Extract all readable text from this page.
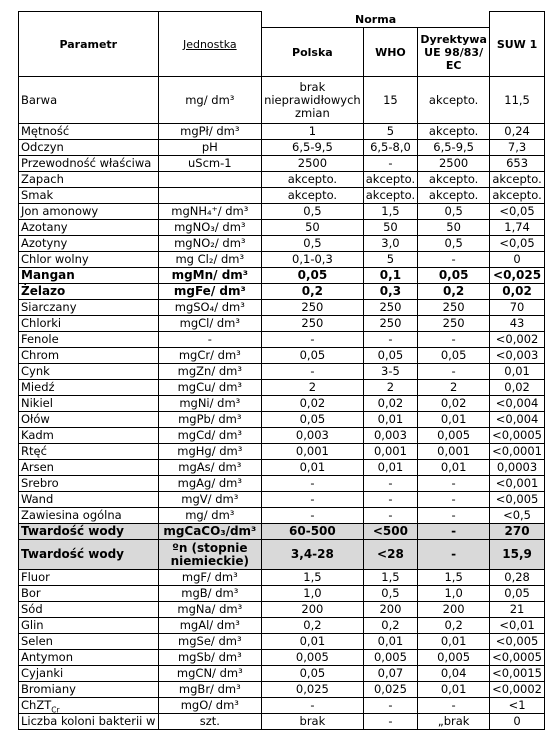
Parametr	Jednostka	Norma			SUW 1
		Polska	WHO	Dyrektywa UE 98/83/ EC	
Barwa	mg/ dm³	brak nieprawidłowych zmian	15	akcepto.	11,5
Mętność	mgPł/ dm³	1	5	akcepto.	0,24
Odczyn	pH	6,5-9,5	6,5-8,0	6,5-9,5	7,3
Przewodność właściwa	uScm-1	2500	-	2500	653
Zapach		akcepto.	akcepto.	akcepto.	akcepto.
Smak		akcepto.	akcepto.	akcepto.	akcepto.
Jon amonowy	mgNH₄⁺/ dm³	0,5	1,5	0,5	<0,05
Azotany	mgNO₃/ dm³	50	50	50	1,74
Azotyny	mgNO₂/ dm³	0,5	3,0	0,5	<0,05
Chlor wolny	mg Cl₂/ dm³	0,1-0,3	5	-	0
Mangan	mgMn/ dm³	0,05	0,1	0,05	<0,025
Żelazo	mgFe/ dm³	0,2	0,3	0,2	0,02
Siarczany	mgSO₄/ dm³	250	250	250	70
Chlorki	mgCl/ dm³	250	250	250	43
Fenole	-	-	-	-	<0,002
Chrom	mgCr/ dm³	0,05	0,05	0,05	<0,003
Cynk	mgZn/ dm³	-	3-5	-	0,01
Miedź	mgCu/ dm³	2	2	2	0,02
Nikiel	mgNi/ dm³	0,02	0,02	0,02	<0,004
Ołów	mgPb/ dm³	0,05	0,01	0,01	<0,004
Kadm	mgCd/ dm³	0,003	0,003	0,005	<0,0005
Rtęć	mgHg/ dm³	0,001	0,001	0,001	<0,0001
Arsen	mgAs/ dm³	0,01	0,01	0,01	0,0003
Srebro	mgAg/ dm³	-	-	-	<0,001
Wand	mgV/ dm³	-	-	-	<0,005
Zawiesina ogólna	mg/ dm³	-	-	-	<0,5
Twardość wody	mgCaCO₃/dm³	60-500	<500	-	270
Twardość wody	ºn (stopnie niemieckie)	3,4-28	<28	-	15,9
Fluor	mgF/ dm³	1,5	1,5	1,5	0,28
Bor	mgB/ dm³	1,0	0,5	1,0	0,05
Sód	mgNa/ dm³	200	200	200	21
Glin	mgAl/ dm³	0,2	0,2	0,2	<0,01
Selen	mgSe/ dm³	0,01	0,01	0,01	<0,005
Antymon	mgSb/ dm³	0,005	0,005	0,005	<0,0005
Cyjanki	mgCN/ dm³	0,05	0,07	0,04	<0,0015
Bromiany	mgBr/ dm³	0,025	0,025	0,01	<0,0002
ChZT$_{Cr}$	mgO/ dm³	-	-	-	<1
Liczba koloni bakterii w	szt.	brak	-	„brak	0
